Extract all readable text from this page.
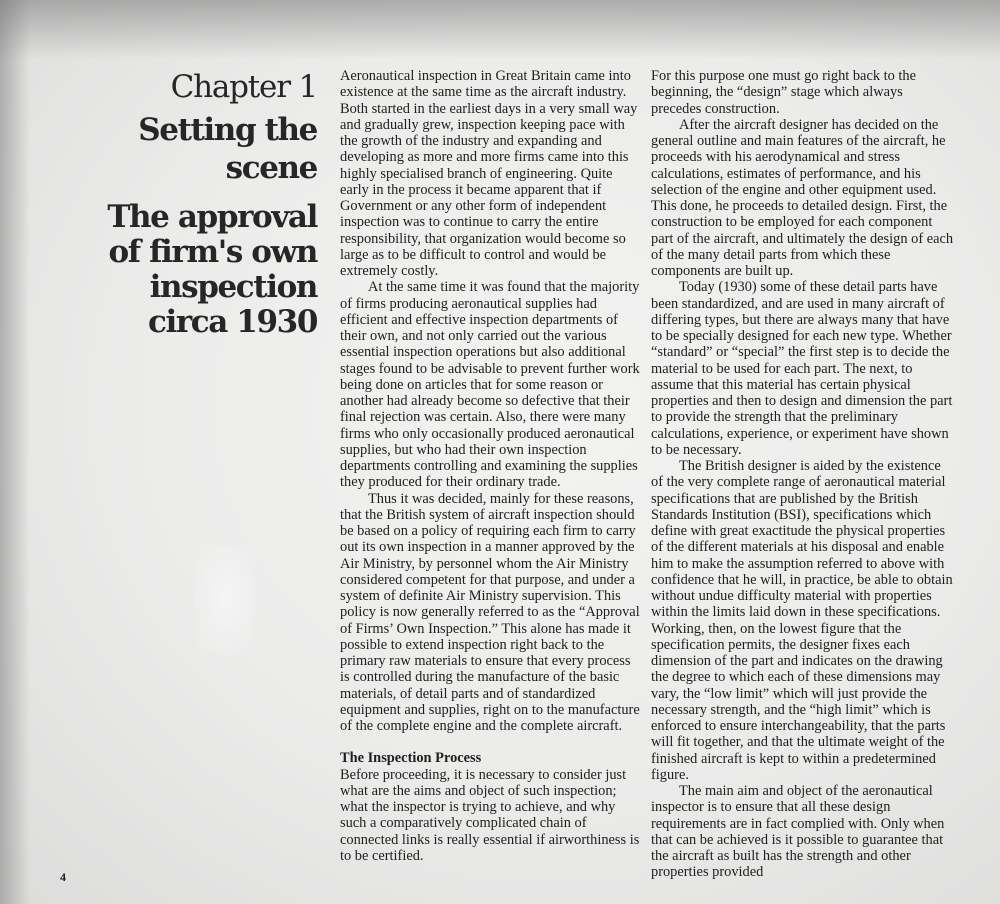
Chapter 1
Setting the scene
The approval
of firm's own
inspection
circa 1930

Aeronautical inspection in Great Britain came into existence at the same time as the aircraft industry. Both started in the earliest days in a very small way and gradually grew, inspection keeping pace with the growth of the industry and expanding and developing as more and more firms came into this highly specialised branch of engineering. Quite early in the process it became apparent that if Government or any other form of independent inspection was to continue to carry the entire responsibility, that organization would become so large as to be difficult to control and would be extremely costly.

At the same time it was found that the majority of firms producing aeronautical supplies had efficient and effective inspection departments of their own, and not only carried out the various essential inspection operations but also additional stages found to be advisable to prevent further work being done on articles that for some reason or another had already become so defective that their final rejection was certain. Also, there were many firms who only occasionally produced aeronautical supplies, but who had their own inspection departments controlling and examining the supplies they produced for their ordinary trade.

Thus it was decided, mainly for these reasons, that the British system of aircraft inspection should be based on a policy of requiring each firm to carry out its own inspection in a manner approved by the Air Ministry, by personnel whom the Air Ministry considered competent for that purpose, and under a system of definite Air Ministry supervision. This policy is now generally referred to as the “Approval of Firms’ Own Inspection.” This alone has made it possible to extend inspection right back to the primary raw materials to ensure that every process is controlled during the manufacture of the basic materials, of detail parts and of standardized equipment and supplies, right on to the manufacture of the complete engine and the complete aircraft.

The Inspection Process

Before proceeding, it is necessary to consider just what are the aims and object of such inspection; what the inspector is trying to achieve, and why such a comparatively complicated chain of connected links is really essential if airworthiness is to be certified.

For this purpose one must go right back to the beginning, the “design” stage which always precedes construction.

After the aircraft designer has decided on the general outline and main features of the aircraft, he proceeds with his aerodynamical and stress calculations, estimates of performance, and his selection of the engine and other equipment used. This done, he proceeds to detailed design. First, the construction to be employed for each component part of the aircraft, and ultimately the design of each of the many detail parts from which these components are built up.

Today (1930) some of these detail parts have been standardized, and are used in many aircraft of differing types, but there are always many that have to be specially designed for each new type. Whether “standard” or “special” the first step is to decide the material to be used for each part. The next, to assume that this material has certain physical properties and then to design and dimension the part to provide the strength that the preliminary calculations, experience, or experiment have shown to be necessary.

The British designer is aided by the existence of the very complete range of aeronautical material specifications that are published by the British Standards Institution (BSI), specifications which define with great exactitude the physical properties of the different materials at his disposal and enable him to make the assumption referred to above with confidence that he will, in practice, be able to obtain without undue difficulty material with properties within the limits laid down in these specifications. Working, then, on the lowest figure that the specification permits, the designer fixes each dimension of the part and indicates on the drawing the degree to which each of these dimensions may vary, the “low limit” which will just provide the necessary strength, and the “high limit” which is enforced to ensure interchangeability, that the parts will fit together, and that the ultimate weight of the finished aircraft is kept to within a predetermined figure.

The main aim and object of the aeronautical inspector is to ensure that all these design requirements are in fact complied with. Only when that can be achieved is it possible to guarantee that the aircraft as built has the strength and other properties provided

4
